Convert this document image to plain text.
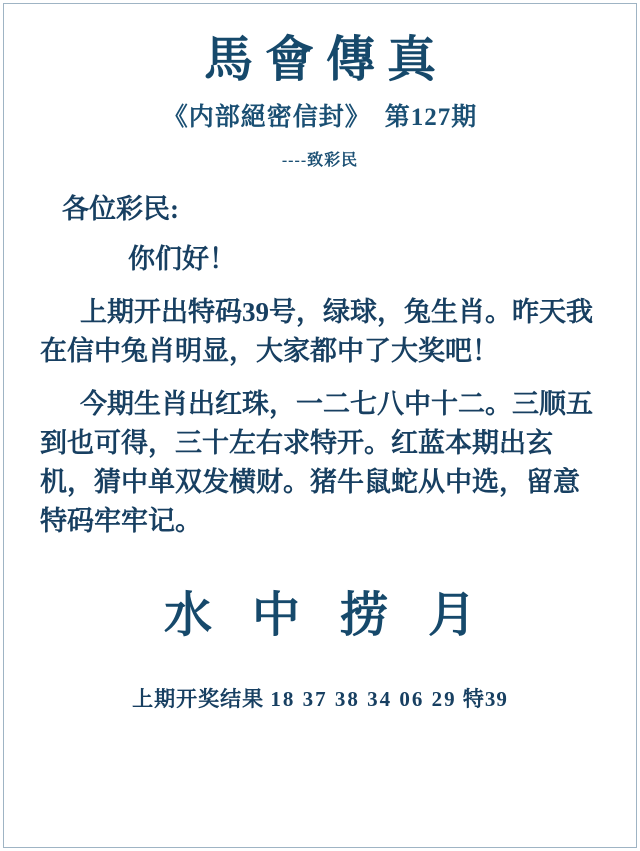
馬會傳真
《内部絕密信封》 第127期
----致彩民
各位彩民:
你们好！
上期开出特码39号，绿球，兔生肖。昨天我在信中兔肖明显，大家都中了大奖吧！
今期生肖出红珠，一二七八中十二。三顺五到也可得，三十左右求特开。红蓝本期出玄机，猜中单双发横财。猪牛鼠蛇从中选，留意特码牢牢记。
水 中 捞 月
上期开奖结果 18 37 38 34 06 29 特39
